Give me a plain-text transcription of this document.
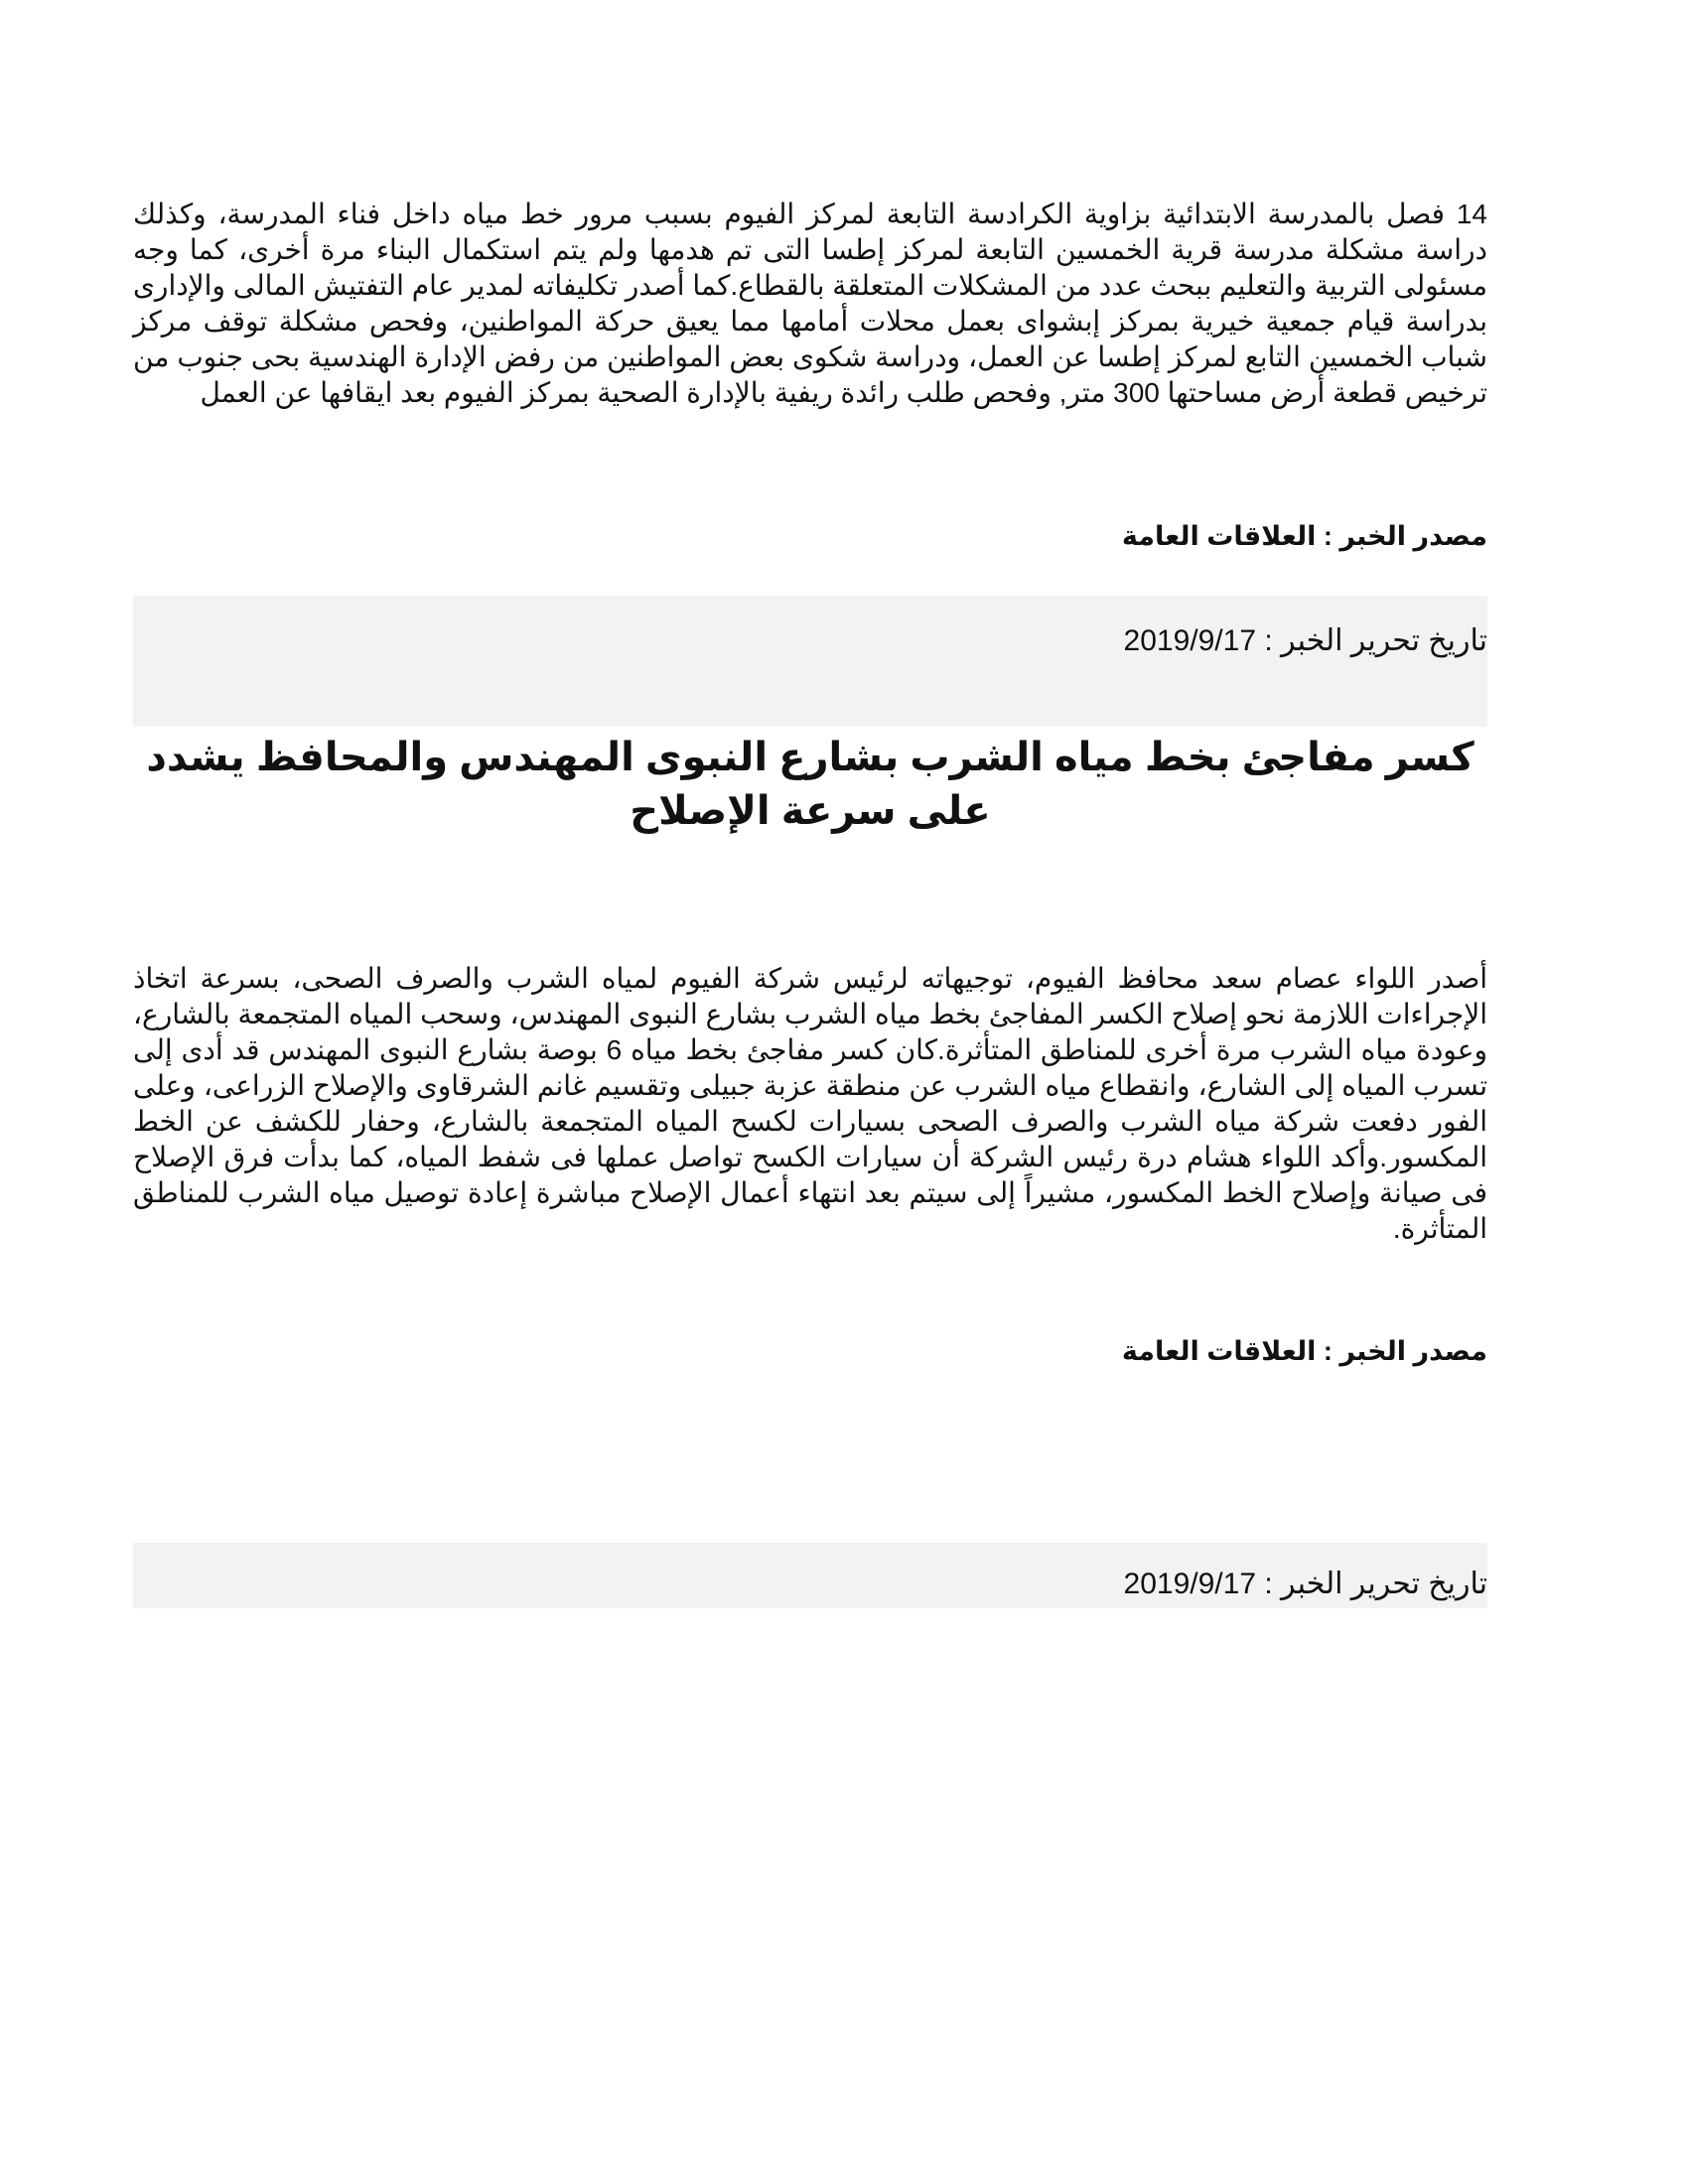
14 فصل بالمدرسة الابتدائية بزاوية الكرادسة التابعة لمركز الفيوم بسبب مرور خط مياه داخل فناء المدرسة، وكذلك دراسة مشكلة مدرسة قرية الخمسين التابعة لمركز إطسا التى تم هدمها ولم يتم استكمال البناء مرة أخرى، كما وجه مسئولى التربية والتعليم ببحث عدد من المشكلات المتعلقة بالقطاع.كما أصدر تكليفاته لمدير عام التفتيش المالى والإدارى بدراسة قيام جمعية خيرية بمركز إبشواى بعمل محلات أمامها مما يعيق حركة المواطنين، وفحص مشكلة توقف مركز شباب الخمسين التابع لمركز إطسا عن العمل، ودراسة شكوى بعض المواطنين من رفض الإدارة الهندسية بحى جنوب من ترخيص قطعة أرض مساحتها 300 متر, وفحص طلب رائدة ريفية بالإدارة الصحية بمركز الفيوم بعد ايقافها عن العمل

مصدر الخبر : العلاقات العامة

تاريخ تحرير الخبر : 2019/9/17
كسر مفاجئ بخط مياه الشرب بشارع النبوى المهندس والمحافظ يشدد على سرعة الإصلاح

أصدر اللواء عصام سعد محافظ الفيوم، توجيهاته لرئيس شركة الفيوم لمياه الشرب والصرف الصحى، بسرعة اتخاذ الإجراءات اللازمة نحو إصلاح الكسر المفاجئ بخط مياه الشرب بشارع النبوى المهندس، وسحب المياه المتجمعة بالشارع، وعودة مياه الشرب مرة أخرى للمناطق المتأثرة.كان كسر مفاجئ بخط مياه 6 بوصة بشارع النبوى المهندس قد أدى إلى تسرب المياه إلى الشارع، وانقطاع مياه الشرب عن منطقة عزبة جبيلى وتقسيم غانم الشرقاوى والإصلاح الزراعى، وعلى الفور دفعت شركة مياه الشرب والصرف الصحى بسيارات لكسح المياه المتجمعة بالشارع، وحفار للكشف عن الخط المكسور.وأكد اللواء هشام درة رئيس الشركة أن سيارات الكسح تواصل عملها فى شفط المياه، كما بدأت فرق الإصلاح فى صيانة وإصلاح الخط المكسور، مشيراً إلى سيتم بعد انتهاء أعمال الإصلاح مباشرة إعادة توصيل مياه الشرب للمناطق المتأثرة.

مصدر الخبر : العلاقات العامة

تاريخ تحرير الخبر : 2019/9/17
